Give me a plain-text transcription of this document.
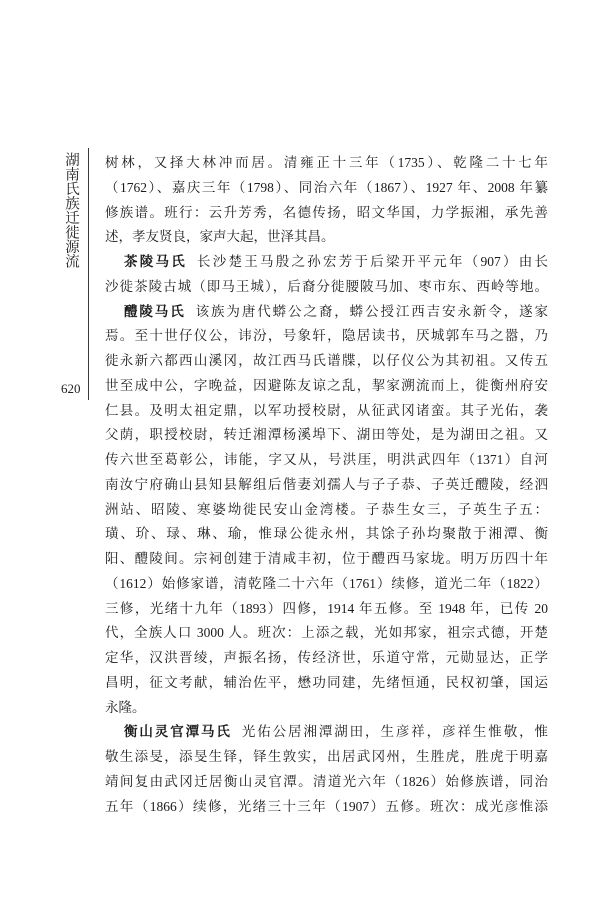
湖南氏族迁徙源流
620
树林，又择大林冲而居。清雍正十三年（1735）、乾隆二十七年
（1762）、嘉庆三年（1798）、同治六年（1867）、1927 年、2008 年纂
修族谱。班行：云升芳秀，名德传扬，昭文华国，力学振湘，承先善
述，孝友贤良，家声大起，世泽其昌。
茶陵马氏 长沙楚王马殷之孙宏芳于后梁开平元年（907）由长
沙徙茶陵古城（即马王城），后裔分徙腰陂马加、枣市东、西岭等地。
醴陵马氏 该族为唐代蟒公之裔，蟒公授江西吉安永新令，遂家
焉。至十世仔仪公，讳汾，号象轩，隐居读书，厌城郭车马之嚣，乃
徙永新六都西山溪冈，故江西马氏谱牒，以仔仪公为其初祖。又传五
世至成中公，字晚益，因避陈友谅之乱，挈家溯流而上，徙衡州府安
仁县。及明太祖定鼎，以军功授校尉，从征武冈诸蛮。其子光佑，袭
父荫，职授校尉，转迁湘潭杨溪埠下、湖田等处，是为湖田之祖。又
传六世至葛彰公，讳能，字又从，号洪厓，明洪武四年（1371）自河
南汝宁府确山县知县解组后偕妻刘孺人与子子恭、子英迁醴陵，经泗
洲站、昭陵、寒婆坳徙民安山金湾楼。子恭生女三，子英生子五：
璜、玠、琭、琳、瑜，惟琭公徙永州，其馀子孙均聚散于湘潭、衡
阳、醴陵间。宗祠创建于清咸丰初，位于醴西马家垅。明万历四十年
（1612）始修家谱，清乾隆二十六年（1761）续修，道光二年（1822）
三修，光绪十九年（1893）四修，1914 年五修。至 1948 年，已传 20
代，全族人口 3000 人。班次：上添之载，光如邦家，祖宗式德，开楚
定华，汉洪晋绫，声振名扬，传经济世，乐道守常，元勋显达，正学
昌明，征文考献，辅治佐平，懋功同建，先绪恒通，民权初肇，国运
永隆。
衡山灵官潭马氏 光佑公居湘潭湖田，生彦祥，彦祥生惟敬，惟
敬生添旻，添旻生铎，铎生敦实，出居武冈州，生胜虎，胜虎于明嘉
靖间复由武冈迁居衡山灵官潭。清道光六年（1826）始修族谱，同治
五年（1866）续修，光绪三十三年（1907）五修。班次：成光彦惟添
